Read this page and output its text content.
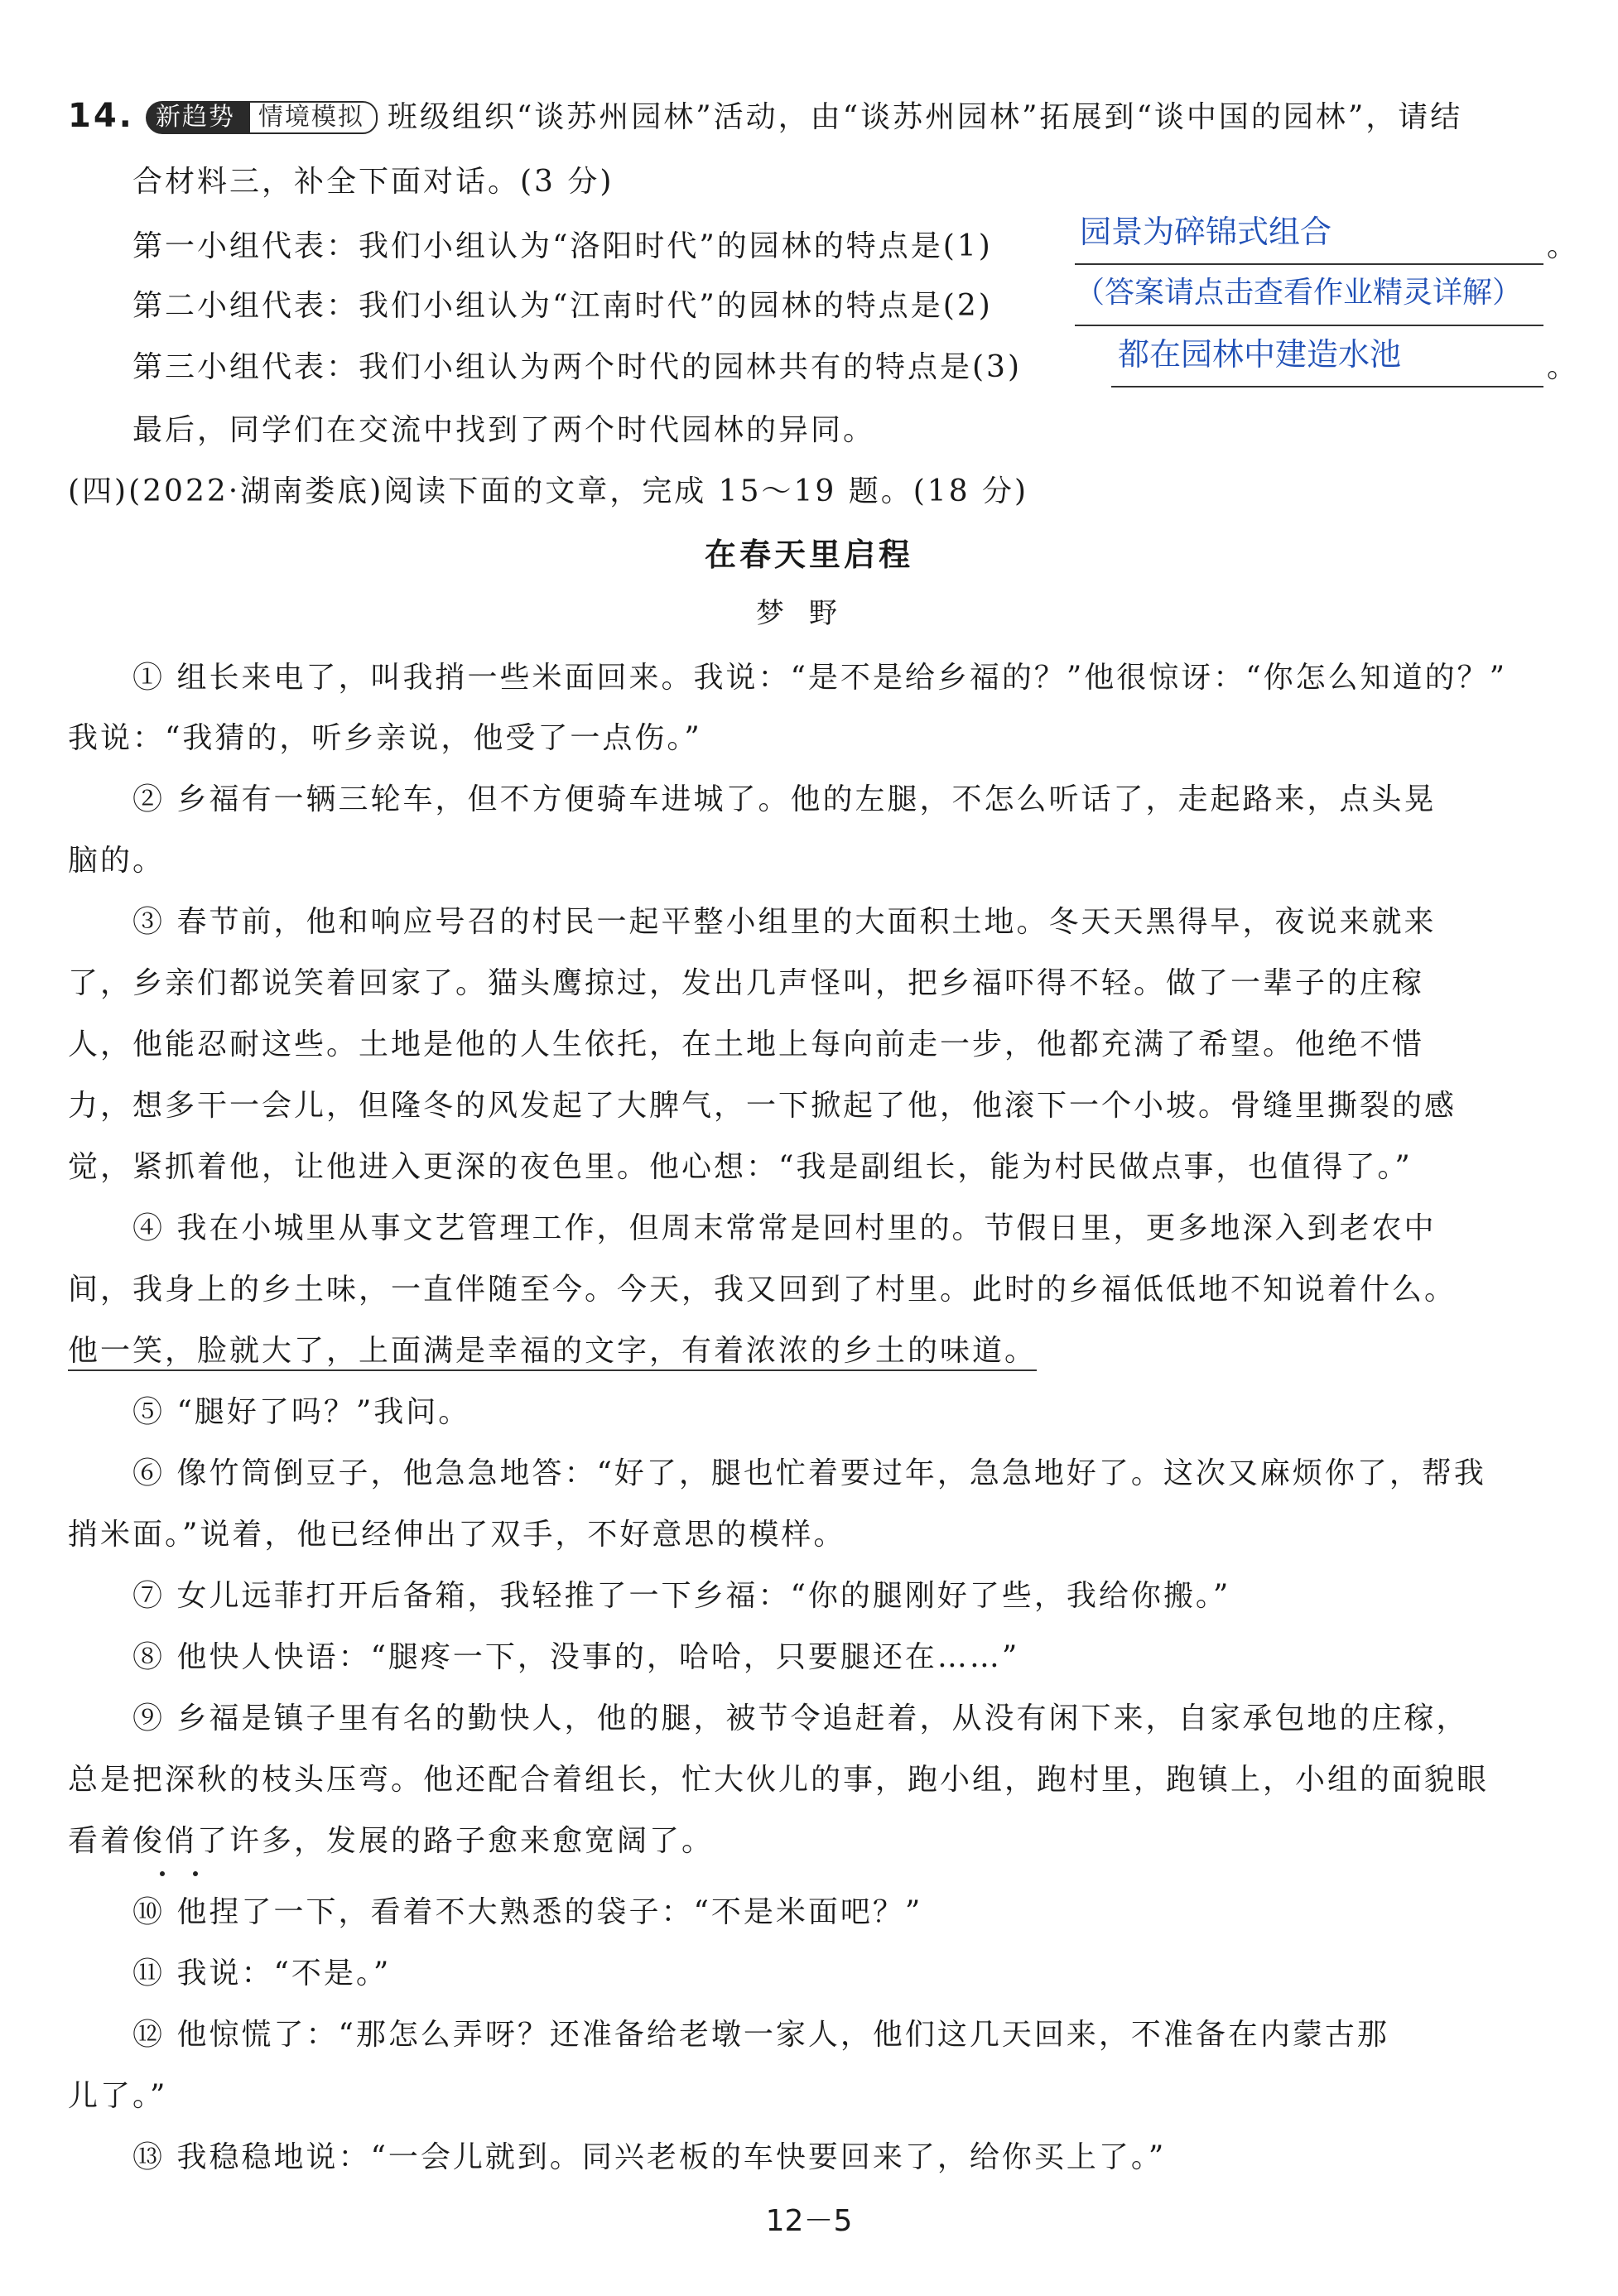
14. 新趋势 情境模拟 班级组织“谈苏州园林”活动，由“谈苏州园林”拓展到“谈中国的园林”，请结
合材料三，补全下面对话。(3 分)
第一小组代表：我们小组认为“洛阳时代”的园林的特点是(1)	园景为碎锦式组合	。
第二小组代表：我们小组认为“江南时代”的园林的特点是(2)	（答案请点击查看作业精灵详解）
第三小组代表：我们小组认为两个时代的园林共有的特点是(3)	都在园林中建造水池	。
最后，同学们在交流中找到了两个时代园林的异同。
(四)(2022·湖南娄底)阅读下面的文章，完成 15～19 题。(18 分)
在春天里启程
梦野
① 组长来电了，叫我捎一些米面回来。我说：“是不是给乡福的？”他很惊讶：“你怎么知道的？”
我说：“我猜的，听乡亲说，他受了一点伤。”
② 乡福有一辆三轮车，但不方便骑车进城了。他的左腿，不怎么听话了，走起路来，点头晃
脑的。
③ 春节前，他和响应号召的村民一起平整小组里的大面积土地。冬天天黑得早，夜说来就来
了，乡亲们都说笑着回家了。猫头鹰掠过，发出几声怪叫，把乡福吓得不轻。做了一辈子的庄稼
人，他能忍耐这些。土地是他的人生依托，在土地上每向前走一步，他都充满了希望。他绝不惜
力，想多干一会儿，但隆冬的风发起了大脾气，一下掀起了他，他滚下一个小坡。骨缝里撕裂的感
觉，紧抓着他，让他进入更深的夜色里。他心想：“我是副组长，能为村民做点事，也值得了。”
④ 我在小城里从事文艺管理工作，但周末常常是回村里的。节假日里，更多地深入到老农中
间，我身上的乡土味，一直伴随至今。今天，我又回到了村里。此时的乡福低低地不知说着什么。
他一笑，脸就大了，上面满是幸福的文字，有着浓浓的乡土的味道。
⑤ “腿好了吗？”我问。
⑥ 像竹筒倒豆子，他急急地答：“好了，腿也忙着要过年，急急地好了。这次又麻烦你了，帮我
捎米面。”说着，他已经伸出了双手，不好意思的模样。
⑦ 女儿远菲打开后备箱，我轻推了一下乡福：“你的腿刚好了些，我给你搬。”
⑧ 他快人快语：“腿疼一下，没事的，哈哈，只要腿还在……”
⑨ 乡福是镇子里有名的勤快人，他的腿，被节令追赶着，从没有闲下来，自家承包地的庄稼，
总是把深秋的枝头压弯。他还配合着组长，忙大伙儿的事，跑小组，跑村里，跑镇上，小组的面貌眼
看着俊俏了许多，发展的路子愈来愈宽阔了。
⑩ 他捏了一下，看着不大熟悉的袋子：“不是米面吧？”
⑪ 我说：“不是。”
⑫ 他惊慌了：“那怎么弄呀？还准备给老墩一家人，他们这几天回来，不准备在内蒙古那
儿了。”
⑬ 我稳稳地说：“一会儿就到。同兴老板的车快要回来了，给你买上了。”
12－5
